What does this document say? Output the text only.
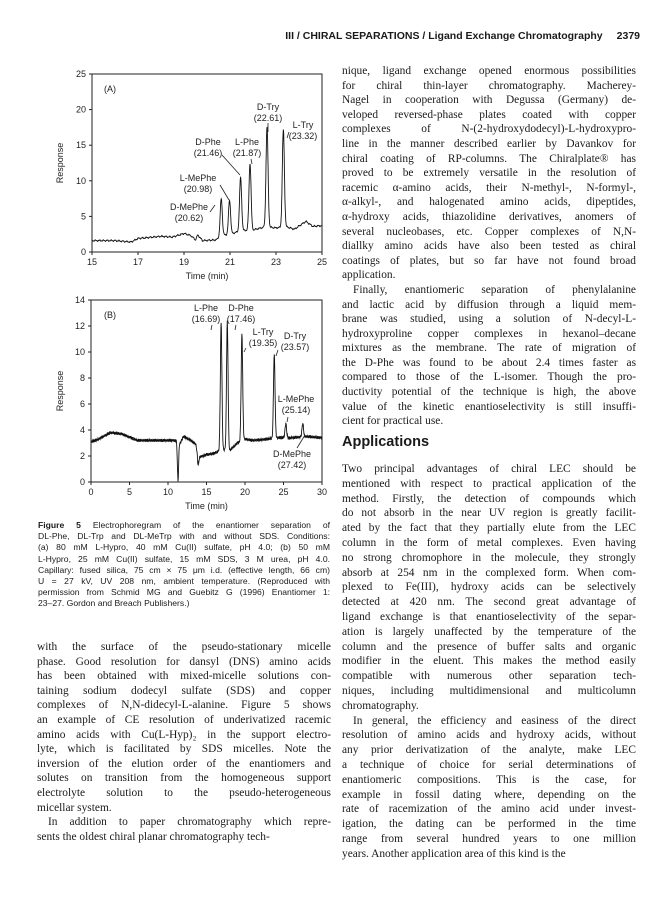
III / CHIRAL SEPARATIONS / Ligand Exchange Chromatography 2379
15	17	19	21	23	25
0
5
10
15
20
25
Time (min)
Response
(A)
D-MePhe
(20.62)
L-MePhe
(20.98)
D-Phe
(21.46)
L-Phe
(21.87)
D-Try
(22.61)
L-Try
(23.32)
0	5	10	15	20	25	30
0
2
4
6
8
10
12
14
Time (min)
Response
(B)
L-Phe
(16.69)
D-Phe
(17.46)
L-Try
(19.35)
D-Try
(23.57)
L-MePhe
(25.14)
D-MePhe
(27.42)
Figure 5 Electrophoregram of the enantiomer separation of
DL-Phe, DL-Trp and DL-MeTrp with and without SDS. Conditions:
(a) 80 mM L-Hypro, 40 mM Cu(II) sulfate, pH 4.0; (b) 50 mM
L-Hypro, 25 mM Cu(II) sulfate, 15 mM SDS, 3 M urea, pH 4.0.
Capillary: fused silica, 75 cm × 75 μm i.d. (effective length, 66 cm)
U = 27 kV, UV 208 nm, ambient temperature. (Reproduced with
permission from Schmid MG and Guebitz G (1996) Enantiomer 1:
23–27. Gordon and Breach Publishers.)
with the surface of the pseudo-stationary micelle
phase. Good resolution for dansyl (DNS) amino acids
has been obtained with mixed-micelle solutions con-
taining sodium dodecyl sulfate (SDS) and copper
complexes of N,N-didecyl-L-alanine. Figure 5 shows
an example of CE resolution of underivatized racemic
amino acids with Cu(L-Hyp)₂ in the support electro-
lyte, which is facilitated by SDS micelles. Note the
inversion of the elution order of the enantiomers and
solutes on transition from the homogeneous support
electrolyte solution to the pseudo-heterogeneous
micellar system.
In addition to paper chromatography which repre-
sents the oldest chiral planar chromatography tech-
nique, ligand exchange opened enormous possibilities
for chiral thin-layer chromatography. Macherey-
Nagel in cooperation with Degussa (Germany) de-
veloped reversed-phase plates coated with copper
complexes of N-(2-hydroxydodecyl)-L-hydroxypro-
line in the manner described earlier by Davankov for
chiral coating of RP-columns. The Chiralplate® has
proved to be extremely versatile in the resolution of
racemic α-amino acids, their N-methyl-, N-formyl-,
α-alkyl-, and halogenated amino acids, dipeptides,
α-hydroxy acids, thiazolidine derivatives, anomers of
several nucleobases, etc. Copper complexes of N,N-
diallky amino acids have also been tested as chiral
coatings of plates, but so far have not found broad
application.
Finally, enantiomeric separation of phenylalanine
and lactic acid by diffusion through a liquid mem-
brane was studied, using a solution of N-decyl-L-
hydroxyproline copper complexes in hexanol–decane
mixtures as the membrane. The rate of migration of
the D-Phe was found to be about 2.4 times faster as
compared to those of the L-isomer. Though the pro-
ductivity potential of the technique is high, the above
value of the kinetic enantioselectivity is still insuffi-
cient for practical use.
Applications
Two principal advantages of chiral LEC should be
mentioned with respect to practical application of the
method. Firstly, the detection of compounds which
do not absorb in the near UV region is greatly facilit-
ated by the fact that they partially elute from the LEC
column in the form of metal complexes. Even having
no strong chromophore in the molecule, they strongly
absorb at 254 nm in the complexed form. When com-
plexed to Fe(III), hydroxy acids can be selectively
detected at 420 nm. The second great advantage of
ligand exchange is that enantioselectivity of the separ-
ation is largely unaffected by the temperature of the
column and the presence of buffer salts and organic
modifier in the eluent. This makes the method easily
compatible with numerous other separation tech-
niques, including multidimensional and multicolumn
chromatography.
In general, the efficiency and easiness of the direct
resolution of amino acids and hydroxy acids, without
any prior derivatization of the analyte, make LEC
a technique of choice for serial determinations of
enantiomeric compositions. This is the case, for
example in fossil dating where, depending on the
rate of racemization of the amino acid under invest-
igation, the dating can be performed in the time
range from several hundred years to one million
years. Another application area of this kind is the
